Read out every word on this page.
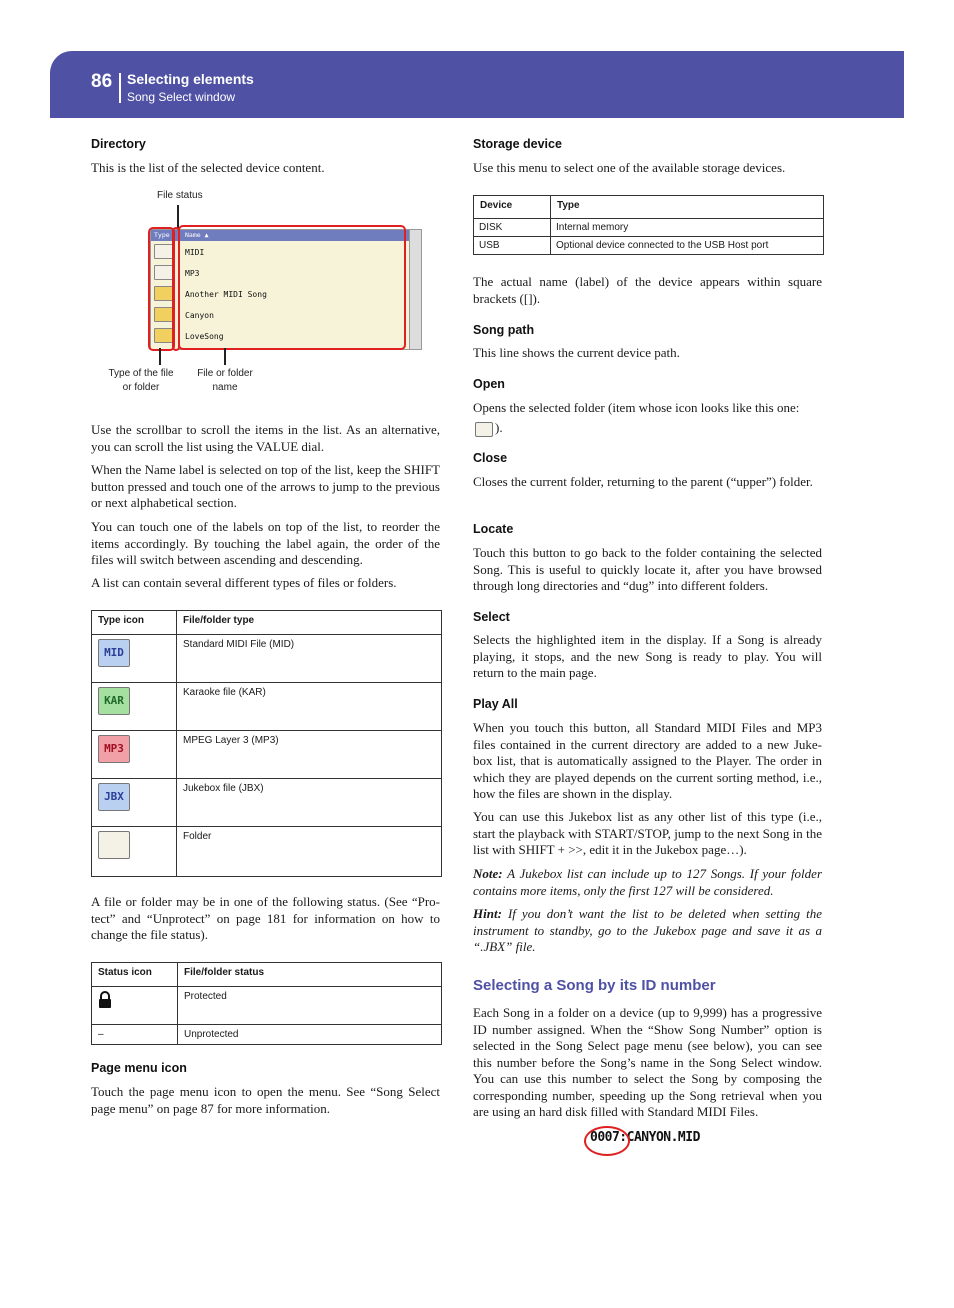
86 Selecting elements
Song Select window
Directory
This is the list of the selected device content.
File status
Type Name ▲
MIDI
MP3
Another MIDI Song
Canyon
LoveSong
Type of the file or folder
File or folder name
Use the scrollbar to scroll the items in the list. As an alternative, you can scroll the list using the VALUE dial.
When the Name label is selected on top of the list, keep the SHIFT button pressed and touch one of the arrows to jump to the previous or next alphabetical section.
You can touch one of the labels on top of the list, to reorder the items accordingly. By touching the label again, the order of the files will switch between ascending and descending.
A list can contain several different types of files or folders.
Type icon	File/folder type
MID	Standard MIDI File (MID)
KAR	Karaoke file (KAR)
MP3	MPEG Layer 3 (MP3)
JBX	Jukebox file (JBX)
	Folder
A file or folder may be in one of the following status. (See “Pro-tect” and “Unprotect” on page 181 for information on how to change the file status).
Status icon	File/folder status
	Protected
–	Unprotected
Page menu icon
Touch the page menu icon to open the menu. See “Song Select page menu” on page 87 for more information.
Storage device
Use this menu to select one of the available storage devices.
Device	Type
DISK	Internal memory
USB	Optional device connected to the USB Host port
The actual name (label) of the device appears within square brackets ([]).
Song path
This line shows the current device path.
Open
Opens the selected folder (item whose icon looks like this one:
).
Close
Closes the current folder, returning to the parent (“upper”) folder.
Locate
Touch this button to go back to the folder containing the selected Song. This is useful to quickly locate it, after you have browsed through long directories and “dug” into different folders.
Select
Selects the highlighted item in the display. If a Song is already playing, it stops, and the new Song is ready to play. You will return to the main page.
Play All
When you touch this button, all Standard MIDI Files and MP3 files contained in the current directory are added to a new Juke-box list, that is automatically assigned to the Player. The order in which they are played depends on the current sorting method, i.e., how the files are shown in the display.
You can use this Jukebox list as any other list of this type (i.e., start the playback with START/STOP, jump to the next Song in the list with SHIFT + >>, edit it in the Jukebox page…).
Note: A Jukebox list can include up to 127 Songs. If your folder contains more items, only the first 127 will be considered.
Hint: If you don’t want the list to be deleted when setting the instrument to standby, go to the Jukebox page and save it as a “.JBX” file.
Selecting a Song by its ID number
Each Song in a folder on a device (up to 9,999) has a progressive ID number assigned. When the “Show Song Number” option is selected in the Song Select page menu (see below), you can see this number before the Song’s name in the Song Select window. You can use this number to select the Song by composing the corresponding number, speeding up the Song retrieval when you are using an hard disk filled with Standard MIDI Files.
0007:CANYON.MID
